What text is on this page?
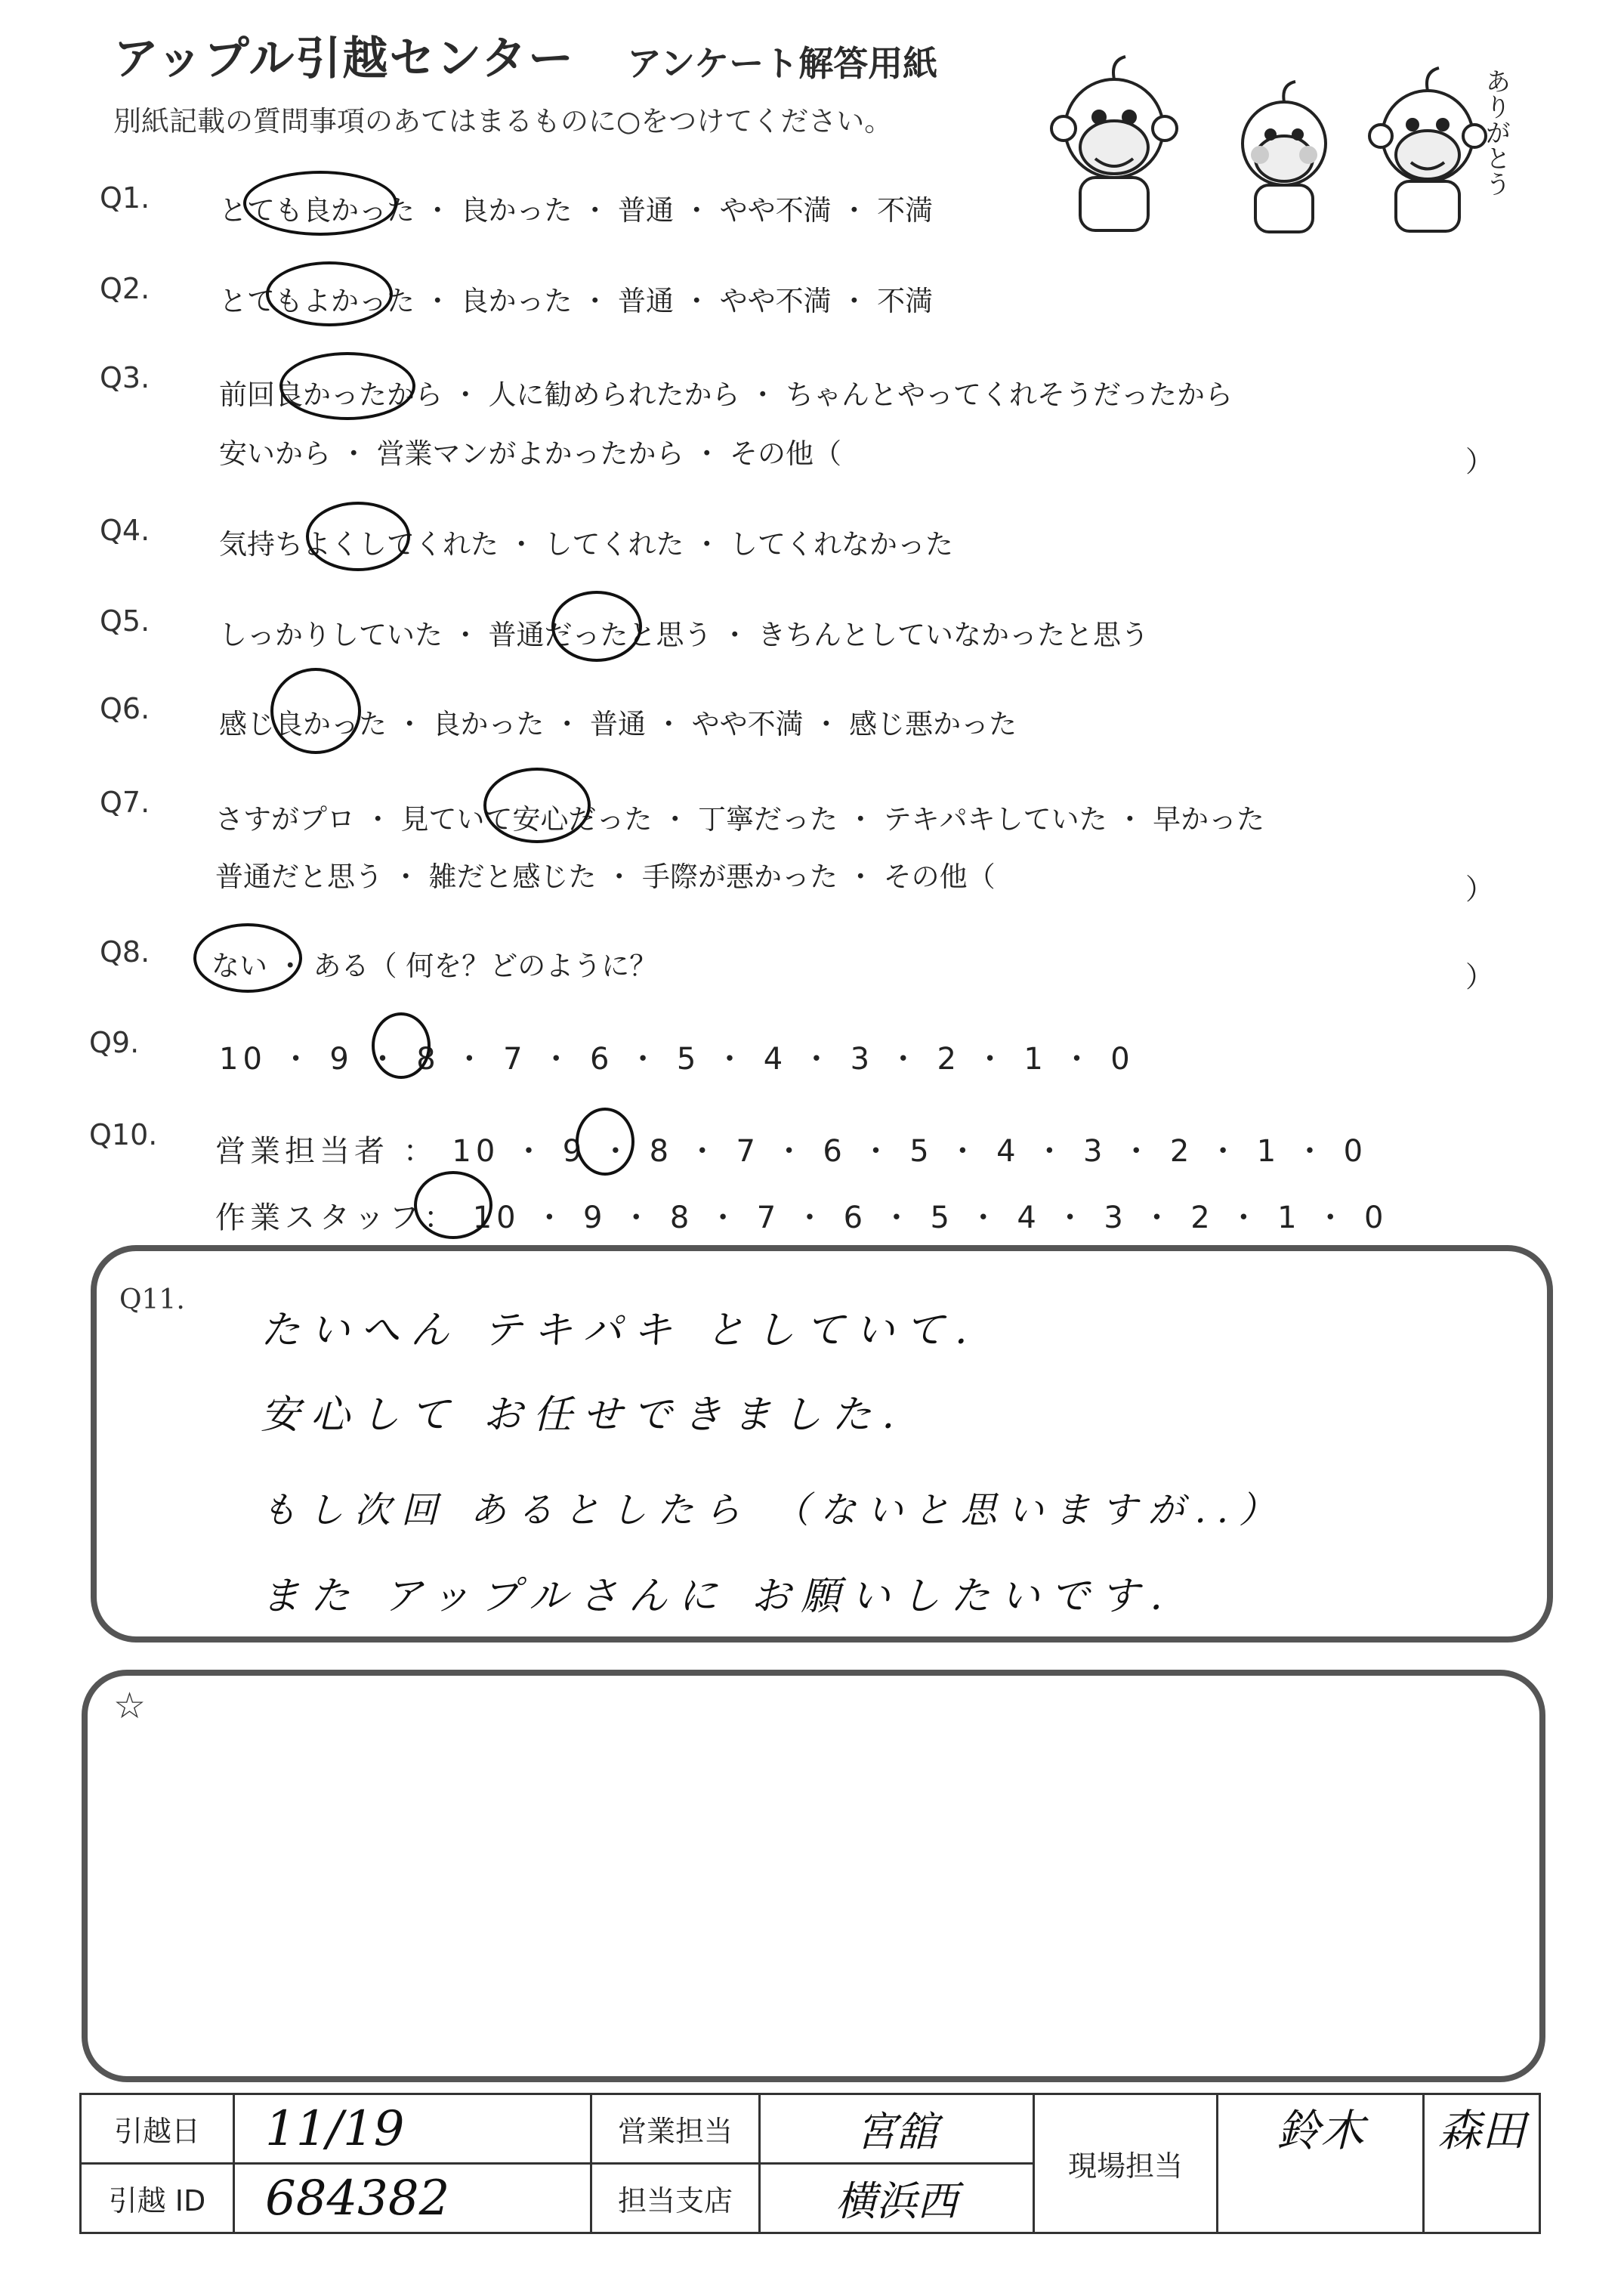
アップル引越センター アンケート解答用紙
別紙記載の質問事項のあてはまるものに○をつけてください。	ありがとう
Q1. とても良かった ・ 良かった ・ 普通 ・ やや不満 ・ 不満
Q2. とてもよかった ・ 良かった ・ 普通 ・ やや不満 ・ 不満
Q3.
前回良かったから ・ 人に勧められたから ・ ちゃんとやってくれそうだったから
安いから ・ 営業マンがよかったから ・ その他（	）
Q4. 気持ちよくしてくれた ・ してくれた ・ してくれなかった
Q5. しっかりしていた ・ 普通だったと思う ・ きちんとしていなかったと思う
Q6. 感じ良かった ・ 良かった ・ 普通 ・ やや不満 ・ 感じ悪かった
Q7.
さすがプロ ・ 見ていて安心だった ・ 丁寧だった ・ テキパキしていた ・ 早かった
普通だと思う ・ 雑だと感じた ・ 手際が悪かった ・ その他（	）
Q8. ない ・ ある（ 何を？どのように？	）
Q9.	10 ・ 9 ・ 8 ・ 7 ・ 6 ・ 5 ・ 4 ・ 3 ・ 2 ・ 1 ・ 0
Q10. 営業担当者 ： 10 ・ 9 ・ 8 ・ 7 ・ 6 ・ 5 ・ 4 ・ 3 ・ 2 ・ 1 ・ 0
作業スタッフ： 10 ・ 9 ・ 8 ・ 7 ・ 6 ・ 5 ・ 4 ・ 3 ・ 2 ・ 1 ・ 0
Q11.
たいへん テキパキ としていて.
安心して お任せできました.
もし次回 あるとしたら （ないと思いますが..）
また アップルさんに お願いしたいです.
☆
引越日	11/19	営業担当	宮舘	現場担当	鈴木	森田
引越 ID	684382	担当支店	横浜西			
